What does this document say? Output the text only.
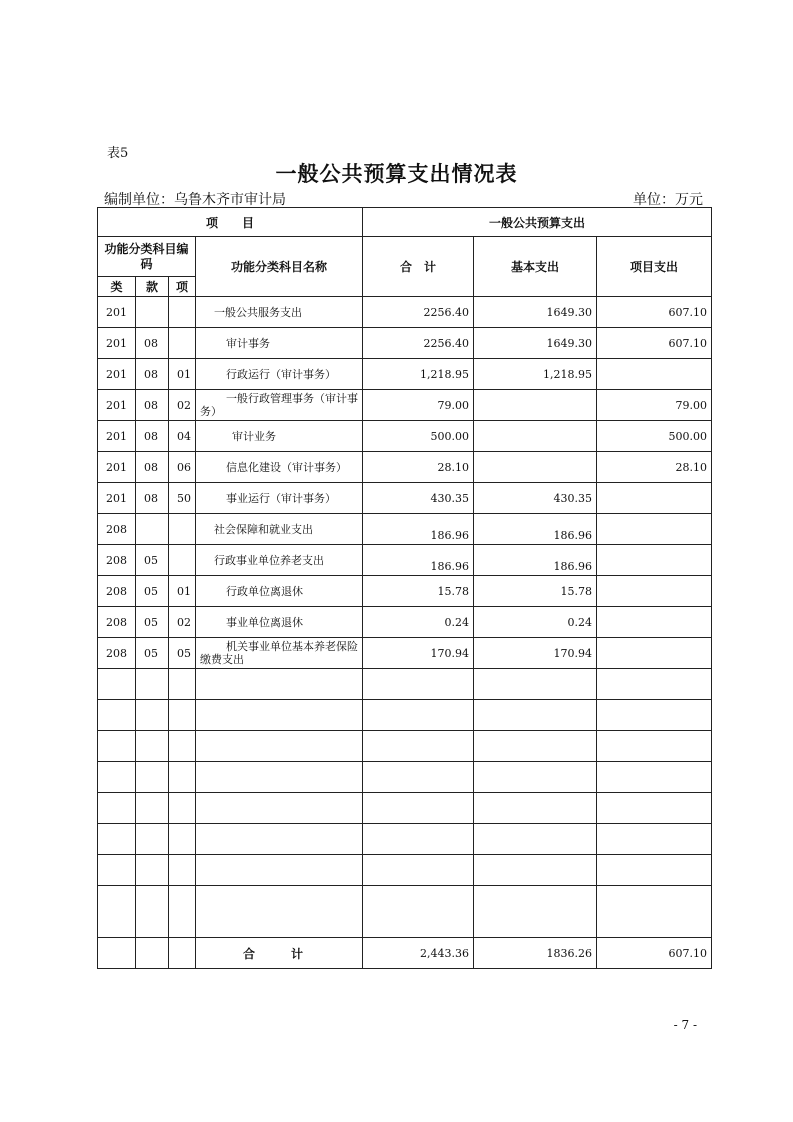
表5
一般公共预算支出情况表
编制单位：乌鲁木齐市审计局	单位：万元
项　　目				一般公共预算支出		
功能分类科目编码			功能分类科目名称	合　计	基本支出	项目支出
类	款	项				
201			一般公共服务支出	2256.40	1649.30	607.10
201	08		审计事务	2256.40	1649.30	607.10
201	08	01	行政运行（审计事务）	1,218.95	1,218.95	
201	08	02	一般行政管理事务（审计事务）	79.00		79.00
201	08	04	审计业务	500.00		500.00
201	08	06	信息化建设（审计事务）	28.10		28.10
201	08	50	事业运行（审计事务）	430.35	430.35	
208			社会保障和就业支出	186.96	186.96	
208	05		行政事业单位养老支出	186.96	186.96	
208	05	01	行政单位离退休	15.78	15.78	
208	05	02	事业单位离退休	0.24	0.24	
208	05	05	机关事业单位基本养老保险缴费支出	170.94	170.94	

			合　计	2,443.36	1836.26	607.10
- 7 -
